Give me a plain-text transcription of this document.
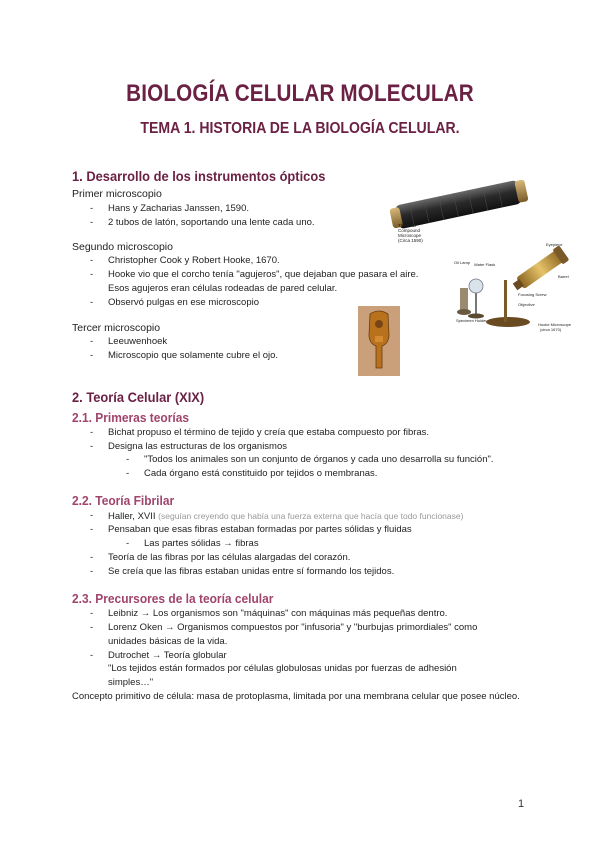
BIOLOGÍA CELULAR MOLECULAR
TEMA 1. HISTORIA DE LA BIOLOGÍA CELULAR.
1. Desarrollo de los instrumentos ópticos
Primer microscopio
- Hans y Zacharias Janssen, 1590.
- 2 tubos de latón, soportando una lente cada uno.
Segundo microscopio
- Christopher Cook y Robert Hooke, 1670.
- Hooke vio que el corcho tenía "agujeros", que dejaban que pasara el aire. Esos agujeros eran células rodeadas de pared celular.
- Observó pulgas en ese microscopio
Tercer microscopio
- Leeuwenhoek
- Microscopio que solamente cubre el ojo.
The First
Compound
Microscope
(Circa 1590)
Eyepiece
Barrel
Oil Lamp Water Flask
Focusing Screw
Objective
Specimen Holder
Hooke Microscope
(circa 1670)
2. Teoría Celular (XIX)
2.1. Primeras teorías
- Bichat propuso el término de tejido y creía que estaba compuesto por fibras.
- Designa las estructuras de los organismos
- "Todos los animales son un conjunto de órganos y cada uno desarrolla su función".
- Cada órgano está constituido por tejidos o membranas.
2.2. Teoría Fibrilar
- Haller, XVII (seguían creyendo que había una fuerza externa que hacía que todo funcionase)
- Pensaban que esas fibras estaban formadas por partes sólidas y fluidas
- Las partes sólidas → fibras
- Teoría de las fibras por las células alargadas del corazón.
- Se creía que las fibras estaban unidas entre sí formando los tejidos.
2.3. Precursores de la teoría celular
- Leibniz → Los organismos son "máquinas" con máquinas más pequeñas dentro.
- Lorenz Oken → Organismos compuestos por "infusoria" y "burbujas primordiales" como
unidades básicas de la vida.
- Dutrochet → Teoría globular
"Los tejidos están formados por células globulosas unidas por fuerzas de adhesión
simples…"
Concepto primitivo de célula: masa de protoplasma, limitada por una membrana celular que posee núcleo.
1
